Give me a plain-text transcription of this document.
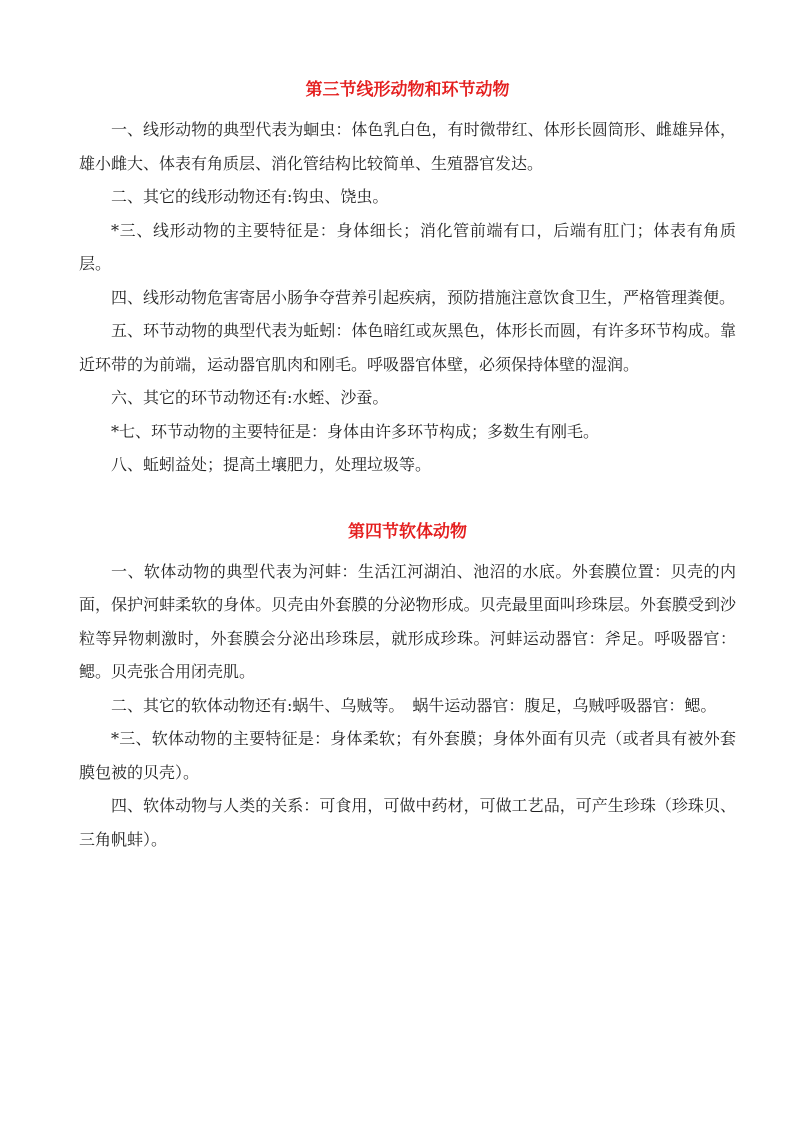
第三节线形动物和环节动物

一、线形动物的典型代表为蛔虫：体色乳白色，有时微带红、体形长圆筒形、雌雄异体，雄小雌大、体表有角质层、消化管结构比较简单、生殖器官发达。

二、其它的线形动物还有:钩虫、饶虫。

*三、线形动物的主要特征是：身体细长；消化管前端有口，后端有肛门；体表有角质层。

四、线形动物危害寄居小肠争夺营养引起疾病，预防措施注意饮食卫生，严格管理粪便。

五、环节动物的典型代表为蚯蚓：体色暗红或灰黑色，体形长而圆，有许多环节构成。靠近环带的为前端，运动器官肌肉和刚毛。呼吸器官体壁，必须保持体壁的湿润。

六、其它的环节动物还有:水蛭、沙蚕。

*七、环节动物的主要特征是：身体由许多环节构成；多数生有刚毛。

八、蚯蚓益处；提高土壤肥力，处理垃圾等。

第四节软体动物

一、软体动物的典型代表为河蚌：生活江河湖泊、池沼的水底。外套膜位置：贝壳的内面，保护河蚌柔软的身体。贝壳由外套膜的分泌物形成。贝壳最里面叫珍珠层。外套膜受到沙粒等异物刺激时，外套膜会分泌出珍珠层，就形成珍珠。河蚌运动器官：斧足。呼吸器官：鳃。贝壳张合用闭壳肌。

二、其它的软体动物还有:蜗牛、乌贼等。　蜗牛运动器官：腹足，乌贼呼吸器官：鳃。

*三、软体动物的主要特征是：身体柔软；有外套膜；身体外面有贝壳（或者具有被外套膜包被的贝壳）。

四、软体动物与人类的关系：可食用，可做中药材，可做工艺品，可产生珍珠（珍珠贝、三角帆蚌）。
